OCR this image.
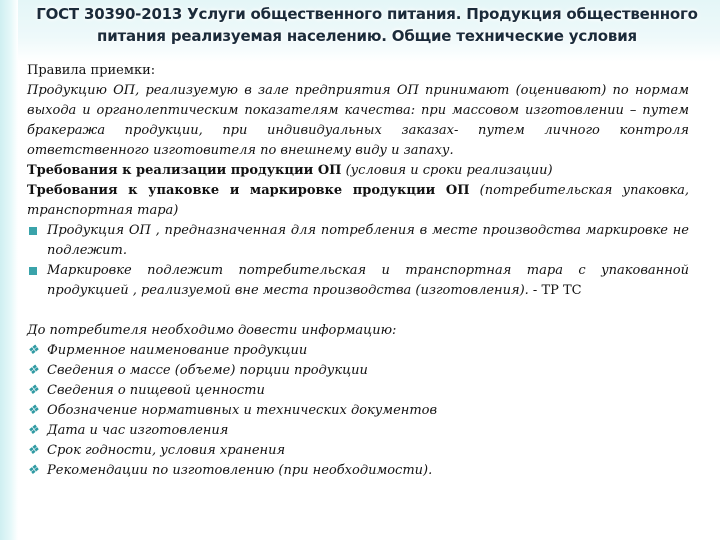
ГОСТ 30390-2013 Услуги общественного питания. Продукция общественного
питания реализуемая населению. Общие технические условия

Правила приемки:

Продукцию ОП, реализуемую в зале предприятия ОП принимают (оценивают) по нормам выхода и органолептическим показателям качества: при массовом изготовлении – путем бракеража продукции, при индивидуальных заказах- путем личного контроля ответственного изготовителя по внешнему виду и запаху.

Требования к реализации продукции ОП (условия и сроки реализации)

Требования к упаковке и маркировке продукции ОП (потребительская упаковка, транспортная тара)

Продукция ОП , предназначенная для потребления в месте производства маркировке не подлежит.
Маркировке подлежит потребительская и транспортная тара с упакованной продукцией , реализуемой вне места производства (изготовления). - ТР ТС

До потребителя необходимо довести информацию:

❖ Фирменное наименование продукции
❖ Сведения о массе (объеме) порции продукции
❖ Сведения о пищевой ценности
❖ Обозначение нормативных и технических документов
❖ Дата и час изготовления
❖ Срок годности, условия хранения
❖ Рекомендации по изготовлению (при необходимости).
